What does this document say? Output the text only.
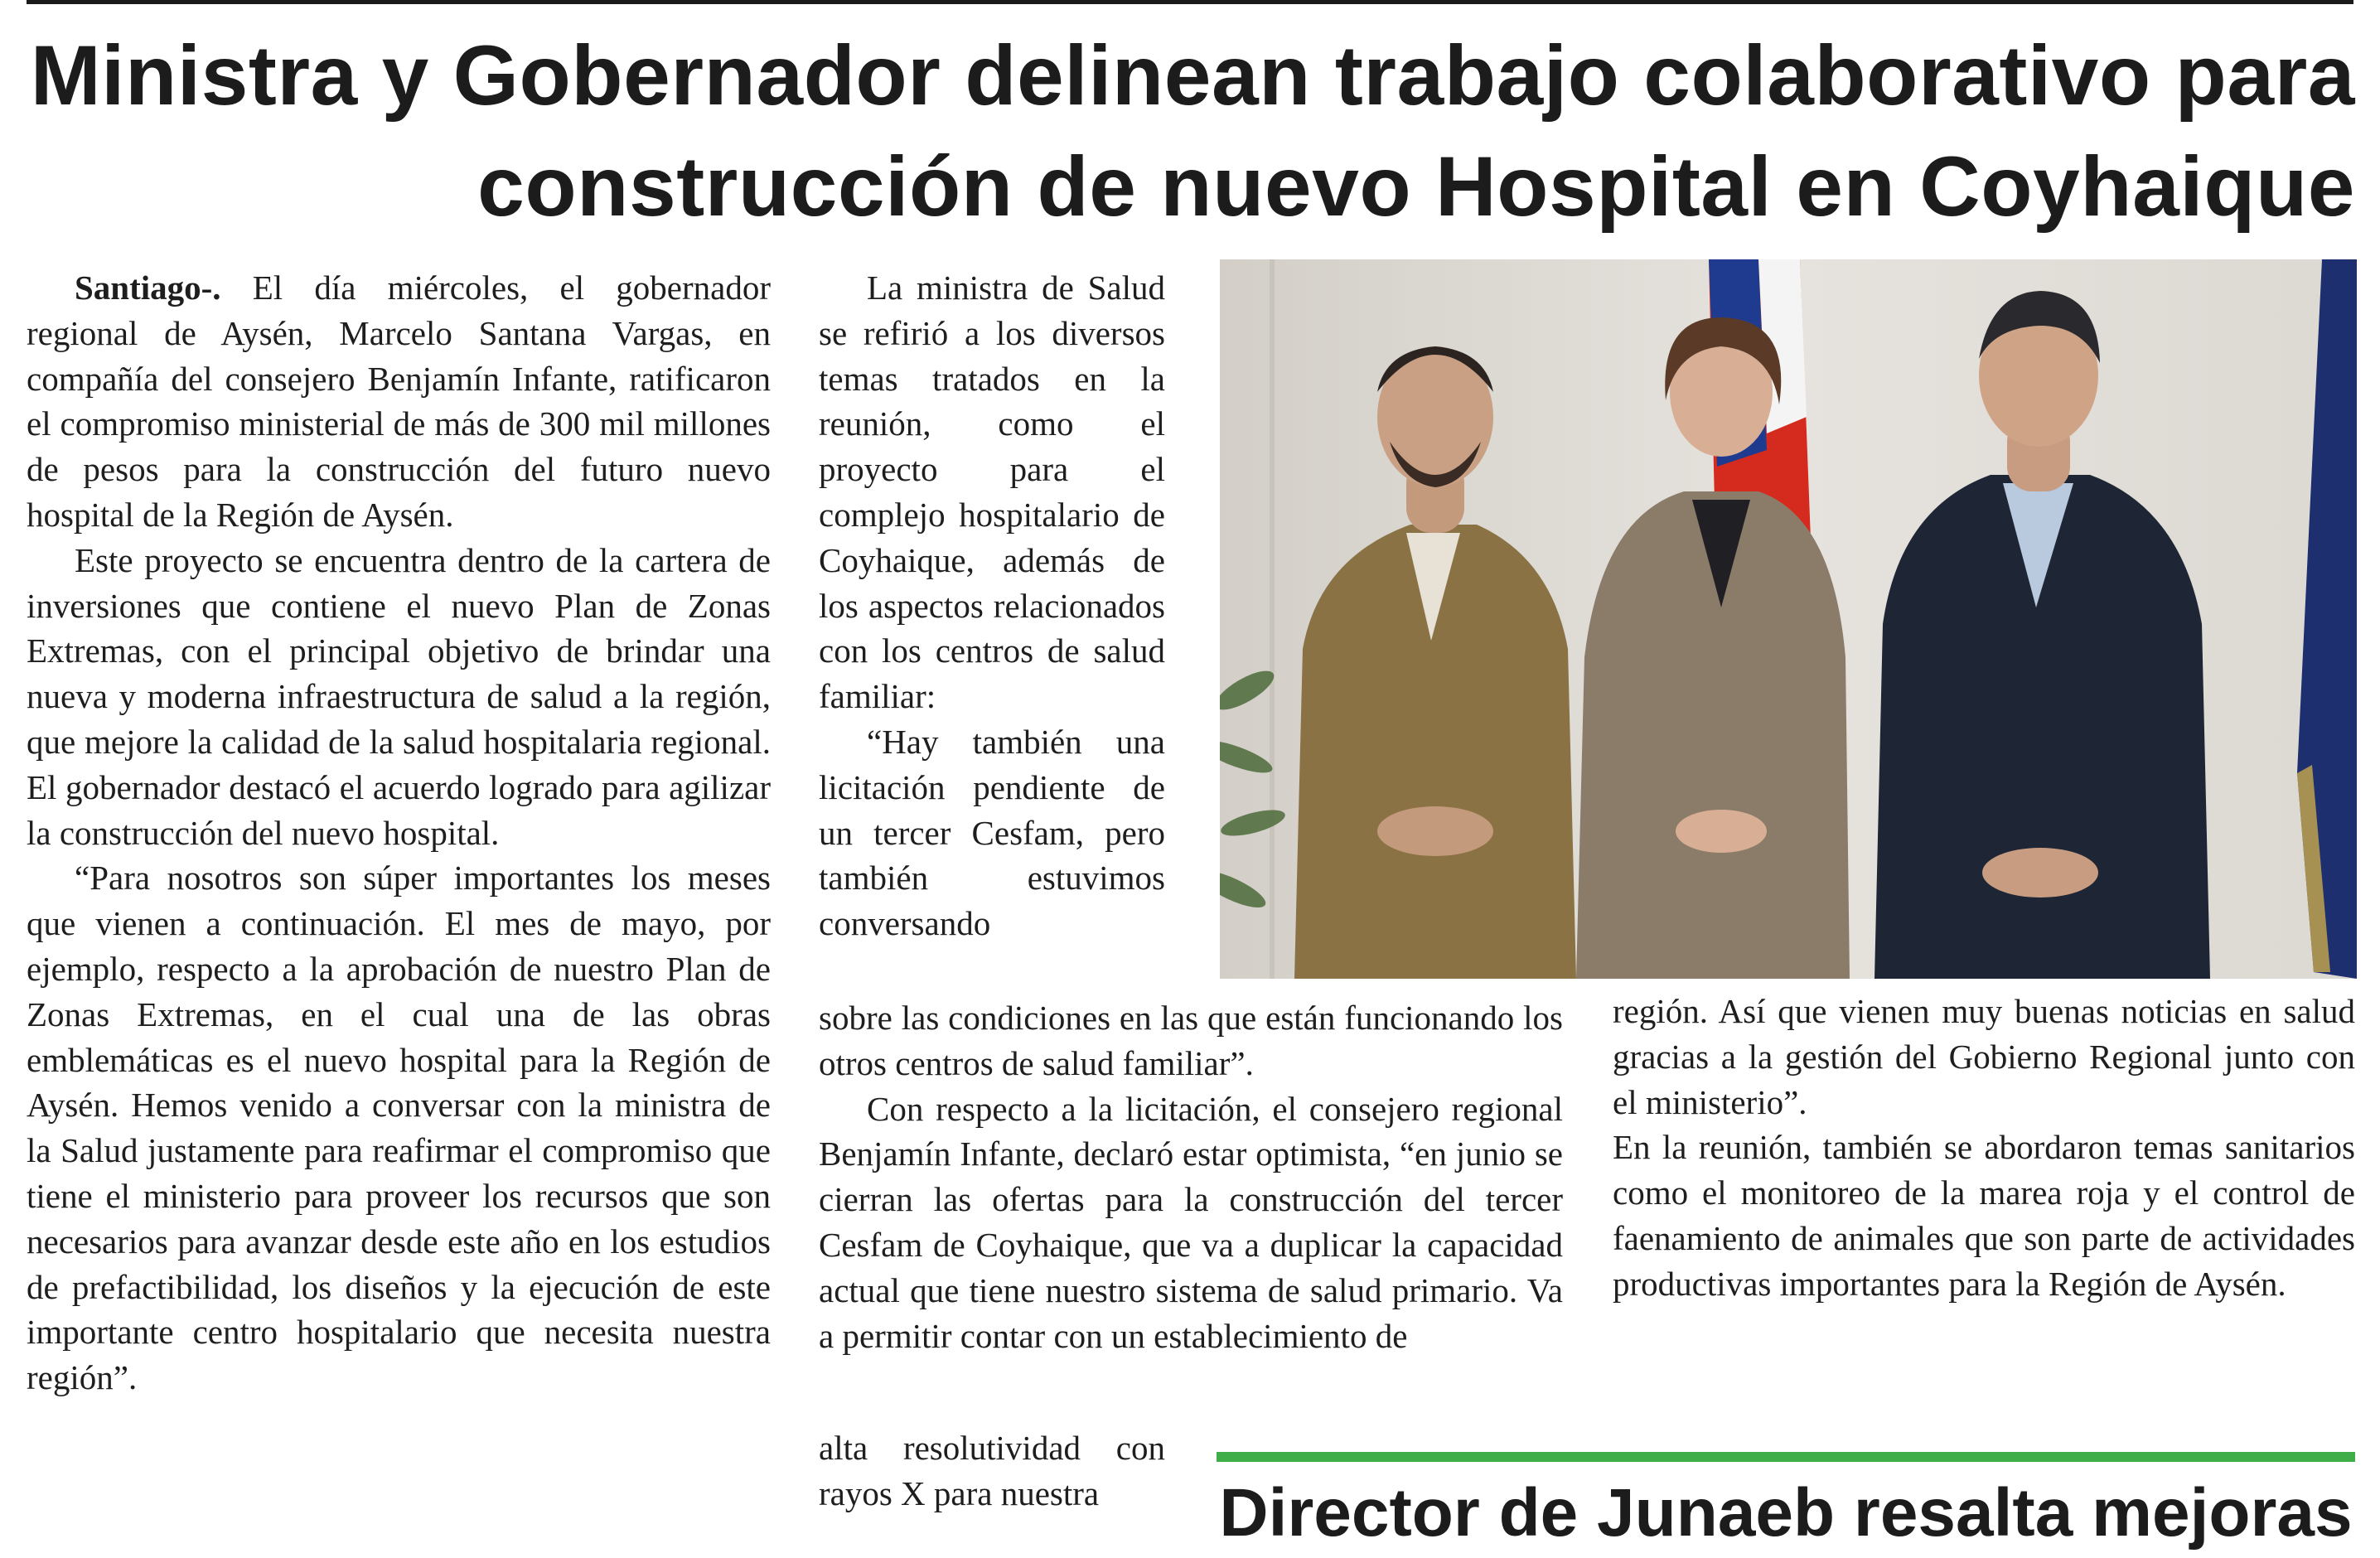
Ministra y Gobernador delinean trabajo colaborativo para
construcción de nuevo Hospital en Coyhaique

Santiago-. El día miércoles, el gobernador regional de Aysén, Marcelo Santana Vargas, en compañía del consejero Benjamín Infante, ratificaron el compromiso ministerial de más de 300 mil millones de pesos para la construcción del futuro nuevo hospital de la Región de Aysén.

Este proyecto se encuentra dentro de la cartera de inversiones que contiene el nuevo Plan de Zonas Extremas, con el principal objetivo de brindar una nueva y moderna infraestructura de salud a la región, que mejore la calidad de la salud hospitalaria regional. El gobernador destacó el acuerdo logrado para agilizar la construcción del nuevo hospital.

“Para nosotros son súper importantes los meses que vienen a continuación. El mes de mayo, por ejemplo, respecto a la aprobación de nuestro Plan de Zonas Extremas, en el cual una de las obras emblemáticas es el nuevo hospital para la Región de Aysén. Hemos venido a conversar con la ministra de la Salud justamente para reafirmar el compromiso que tiene el ministerio para proveer los recursos que son necesarios para avanzar desde este año en los estudios de prefactibilidad, los diseños y la ejecución de este importante centro hospitalario que necesita nuestra región”.

La ministra de Salud se refirió a los diversos temas tratados en la reunión, como el proyecto para el complejo hospitalario de Coyhaique, además de los aspectos relacionados con los centros de salud familiar:

“Hay también una licitación pendiente de un tercer Cesfam, pero también estuvimos conversando

sobre las condiciones en las que están funcionando los otros centros de salud familiar”.

Con respecto a la licitación, el consejero regional Benjamín Infante, declaró estar optimista, “en junio se cierran las ofertas para la construcción del tercer Cesfam de Coyhaique, que va a duplicar la capacidad actual que tiene nuestro sistema de salud primario. Va a permitir contar con un establecimiento de

alta resolutividad con rayos X para nuestra

región. Así que vienen muy buenas noticias en salud gracias a la gestión del Gobierno Regional junto con el ministerio”.

En la reunión, también se abordaron temas sanitarios como el monitoreo de la marea roja y el control de faenamiento de animales que son parte de actividades productivas importantes para la Región de Aysén.

Director de Junaeb resalta mejoras
